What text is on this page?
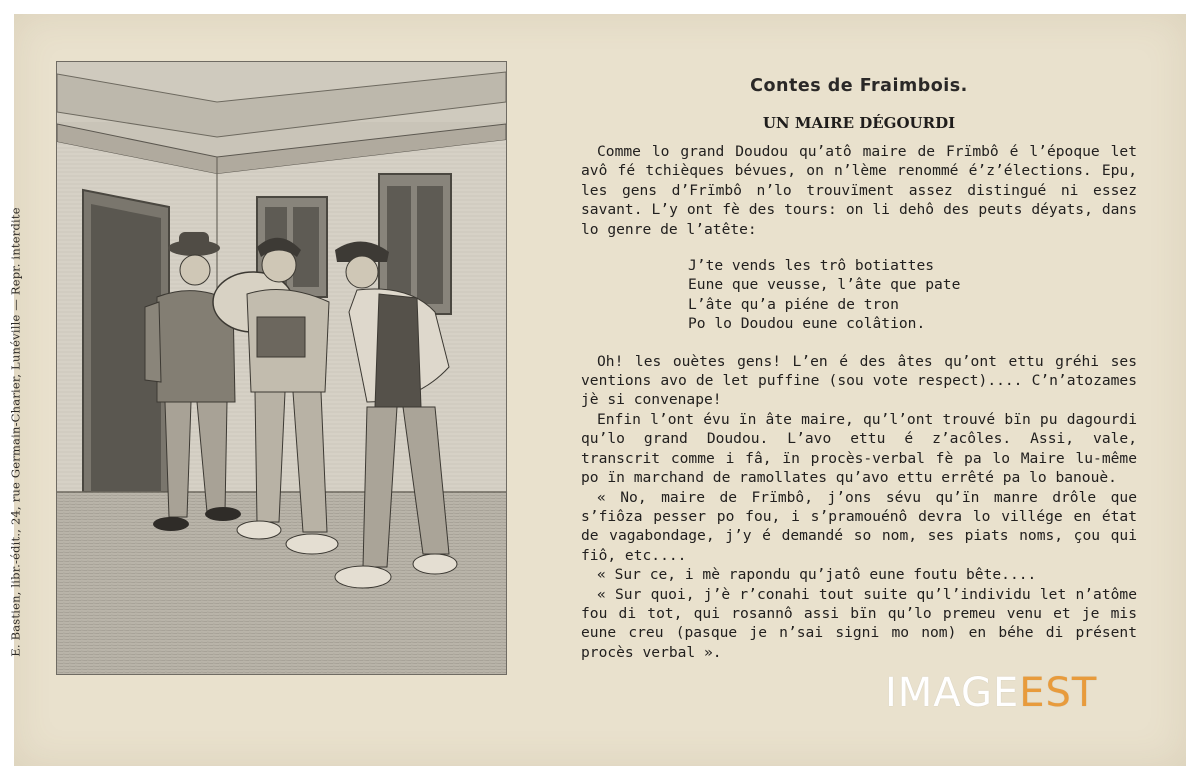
E. Bastien, libr.-édit., 24, rue Germain-Charier, Lunéville — Repr. interdite
Contes de Fraimbois.
UN MAIRE DÉGOURDI

Comme lo grand Doudou qu’atô maire de Frïmbô é l’époque let avô fé tchièques bévues, on n’lème renommé é’z’élections. Epu, les gens d’Frïmbô n’lo trouvïment assez distingué ni essez savant. L’y ont fè des tours: on li dehô des peuts déyats, dans lo genre de l’atête:

J’te vends les trô botiattes
Eune que veusse, l’âte que pate
L’âte qu’a piéne de tron
Po lo Doudou eune colâtion.

Oh! les ouètes gens! L’en é des âtes qu’ont ettu gréhi ses ventions avo de let puffine (sou vote respect).... C’n’atozames jè si convenape!

Enfin l’ont évu ïn âte maire, qu’l’ont trouvé bïn pu dagourdi qu’lo grand Doudou. L’avo ettu é z’acôles. Assi, vale, transcrit comme i fâ, ïn procès-verbal fè pa lo Maire lu-même po ïn marchand de ramollates qu’avo ettu errêté pa lo banouè.

« No, maire de Frïmbô, j’ons sévu qu’ïn manre drôle que s’fiôza pesser po fou, i s’pramouénô devra lo villége en état de vagabondage, j’y é demandé so nom, ses piats noms, çou qui fiô, etc....

« Sur ce, i mè rapondu qu’jatô eune foutu bête....

« Sur quoi, j’è r’conahi tout suite qu’l’individu let n’atôme fou di tot, qui rosannô assi bïn qu’lo premeu venu et je mis eune creu (pasque je n’sai signi mo nom) en béhe di présent procès verbal ».

IMAGEEST
